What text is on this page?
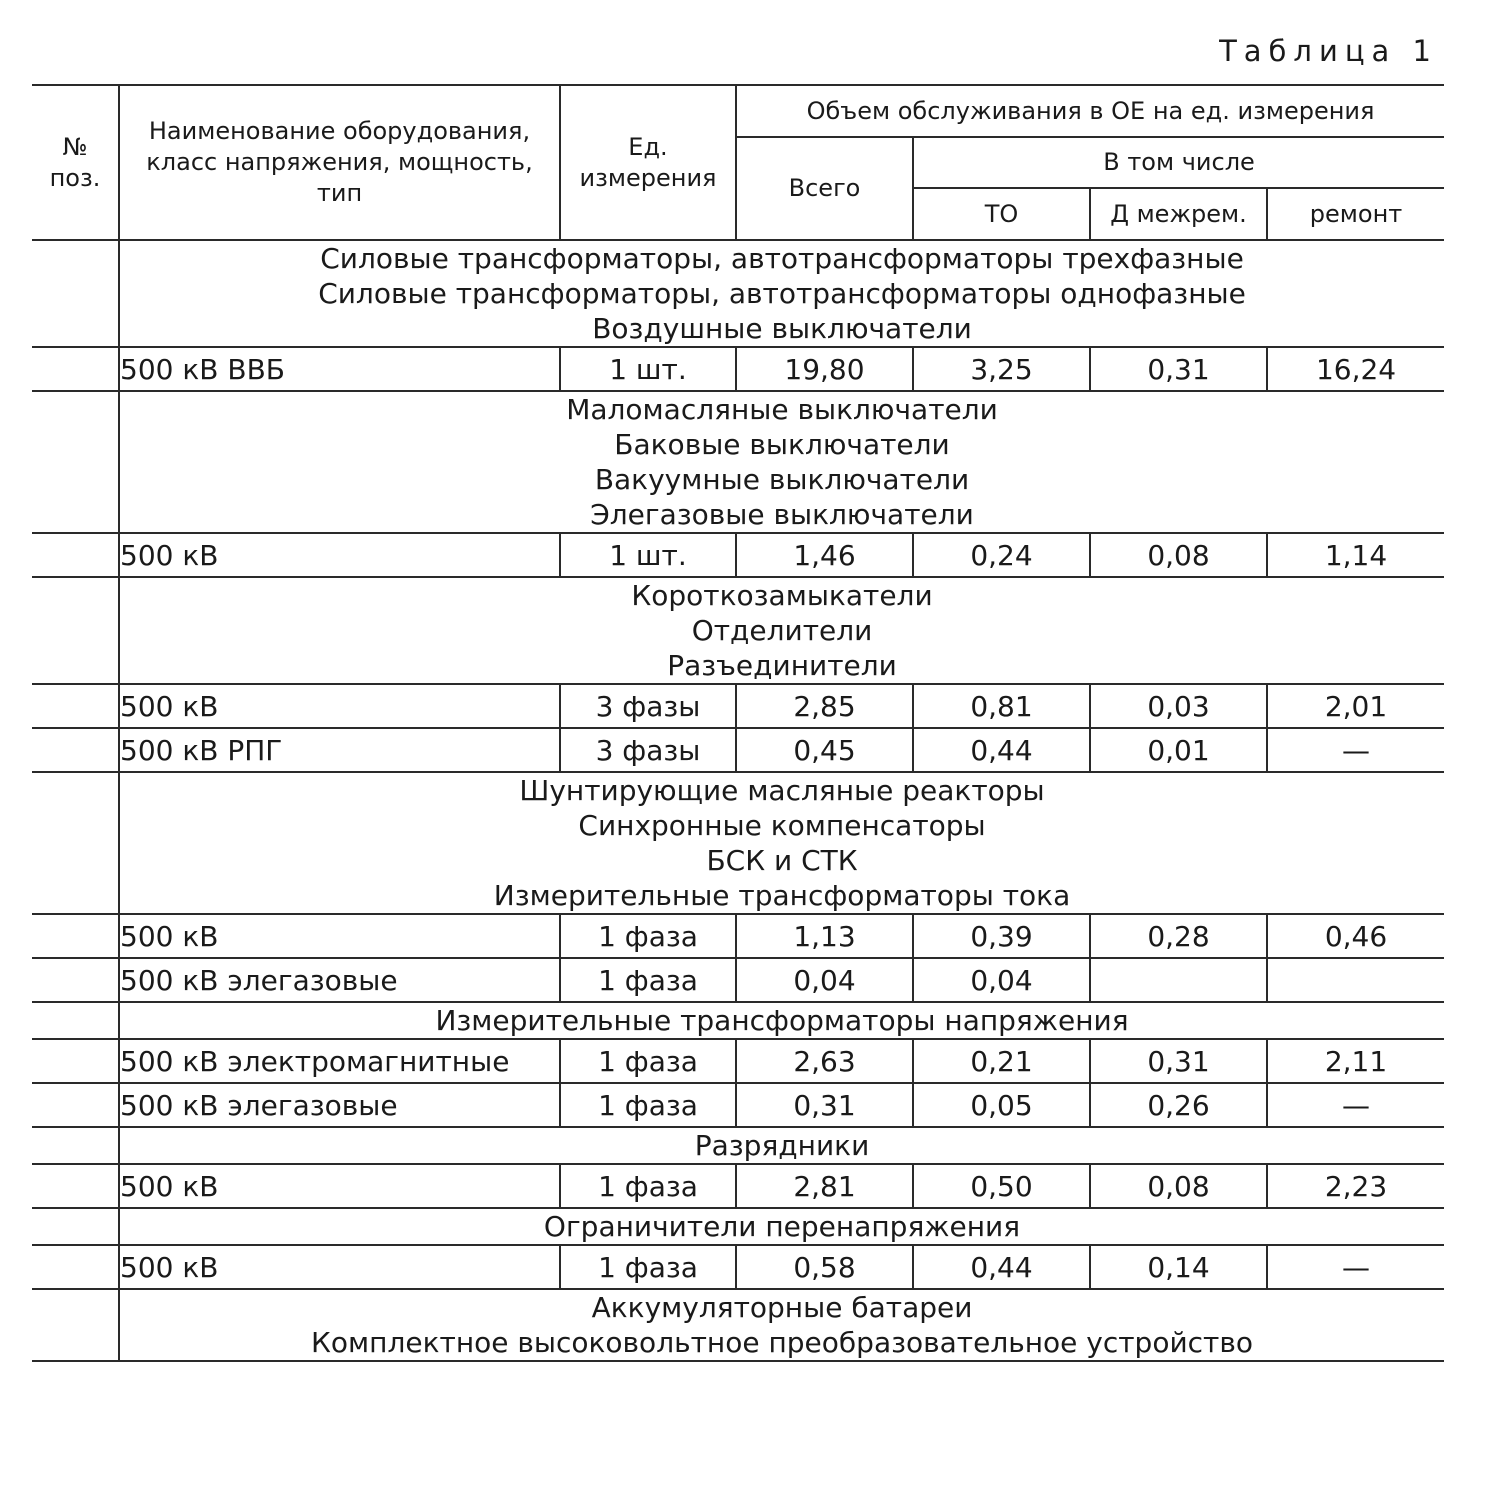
Таблица 1
№ поз.	Наименование оборудования, класс напряжения, мощность, тип	Ед. измерения	Объем обслуживания в ОЕ на ед. измерения			
			Всего	В том числе		
				ТО	Д межрем.	ремонт

	Силовые трансформаторы, автотрансформаторы трехфазные
Силовые трансформаторы, автотрансформаторы однофазные
Воздушные выключатели					

	500 кВ ВВБ	1 шт.	19,80	3,25	0,31	16,24

	Маломасляные выключатели
Баковые выключатели
Вакуумные выключатели
Элегазовые выключатели					

	500 кВ	1 шт.	1,46	0,24	0,08	1,14

	Короткозамыкатели
Отделители
Разъединители					

	500 кВ	3 фазы	2,85	0,81	0,03	2,01
	500 кВ РПГ	3 фазы	0,45	0,44	0,01	—

	Шунтирующие масляные реакторы
Синхронные компенсаторы
БСК и СТК
Измерительные трансформаторы тока					

	500 кВ	1 фаза	1,13	0,39	0,28	0,46
	500 кВ элегазовые	1 фаза	0,04	0,04		

	Измерительные трансформаторы напряжения					

	500 кВ электромагнитные	1 фаза	2,63	0,21	0,31	2,11
	500 кВ элегазовые	1 фаза	0,31	0,05	0,26	—

	Разрядники					

	500 кВ	1 фаза	2,81	0,50	0,08	2,23

	Ограничители перенапряжения					

	500 кВ	1 фаза	0,58	0,44	0,14	—

	Аккумуляторные батареи
Комплектное высоковольтное преобразовательное устройство					
